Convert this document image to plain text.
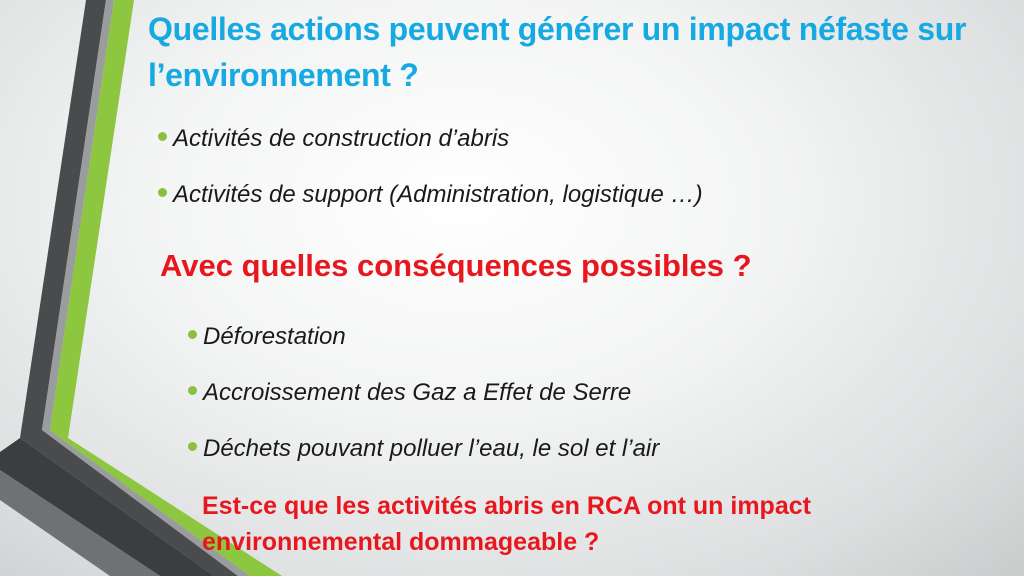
Quelles actions peuvent générer un impact néfaste sur l’environnement ?
Activités de construction d’abris
Activités de support (Administration, logistique …)
Avec quelles conséquences possibles ?
Déforestation
Accroissement des Gaz a Effet de Serre
Déchets pouvant polluer l’eau, le sol et l’air

Est-ce que les activités abris en RCA ont un impact environnemental dommageable ?
